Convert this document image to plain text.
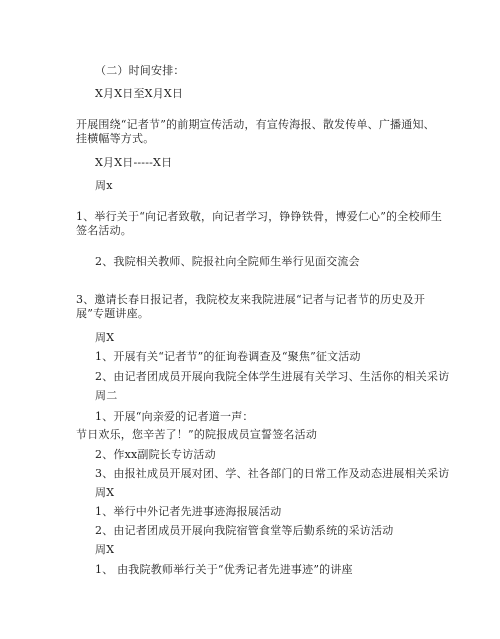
（二）时间安排：
X月X日至X月X日
开展围绕“记者节”的前期宣传活动，有宣传海报、散发传单、广播通知、挂横幅等方式。
X月X日-----X日
周x
1、举行关于“向记者致敬，向记者学习，铮铮铁骨，博爱仁心”的全校师生签名活动。
2、我院相关教师、院报社向全院师生举行见面交流会
3、邀请长春日报记者，我院校友来我院进展“记者与记者节的历史及开展”专题讲座。
周X
1、开展有关“记者节”的征询卷调查及“聚焦”征文活动
2、由记者团成员开展向我院全体学生进展有关学习、生活你的相关采访
周二
1、开展“向亲爱的记者道一声：
节日欢乐，您辛苦了！”的院报成员宣誓签名活动
2、作xx副院长专访活动
3、由报社成员开展对团、学、社各部门的日常工作及动态进展相关采访
周X
1、举行中外记者先进事迹海报展活动
2、由记者团成员开展向我院宿管食堂等后勤系统的采访活动
周X
1、 由我院教师举行关于“优秀记者先进事迹”的讲座
